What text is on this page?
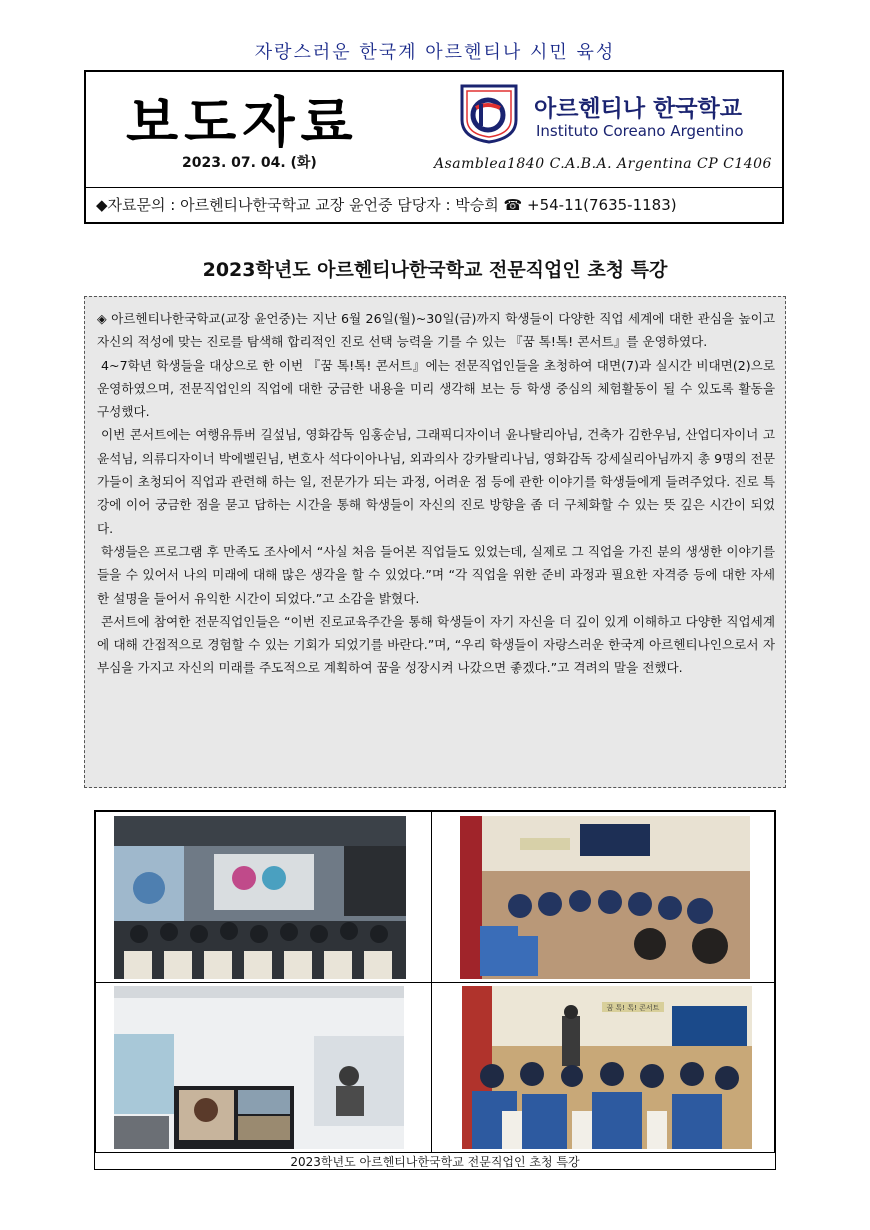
자랑스러운 한국계 아르헨티나 시민 육성
보도자료
2023. 07. 04. (화)
아르헨티나 한국학교
Instituto Coreano Argentino
Asamblea1840 C.A.B.A. Argentina CP C1406
◆자료문의 : 아르헨티나한국학교 교장 윤언중 담당자 : 박승희 ☎ +54-11(7635-1183)
2023학년도 아르헨티나한국학교 전문직업인 초청 특강

◈ 아르헨티나한국학교(교장 윤언중)는 지난 6월 26일(월)~30일(금)까지 학생들이 다양한 직업 세계에 대한 관심을 높이고 자신의 적성에 맞는 진로를 탐색해 합리적인 진로 선택 능력을 기를 수 있는 『꿈 톡!톡! 콘서트』를 운영하였다.

4~7학년 학생들을 대상으로 한 이번 『꿈 톡!톡! 콘서트』에는 전문직업인들을 초청하여 대면(7)과 실시간 비대면(2)으로 운영하였으며, 전문직업인의 직업에 대한 궁금한 내용을 미리 생각해 보는 등 학생 중심의 체험활동이 될 수 있도록 활동을 구성했다.

이번 콘서트에는 여행유튜버 길섶님, 영화감독 임홍순님, 그래픽디자이너 윤나탈리아님, 건축가 김한우님, 산업디자이너 고윤석님, 의류디자이너 박에벨린님, 변호사 석다이아나님, 외과의사 강카탈리나님, 영화감독 강세실리아님까지 총 9명의 전문가들이 초청되어 직업과 관련해 하는 일, 전문가가 되는 과정, 어려운 점 등에 관한 이야기를 학생들에게 들려주었다. 진로 특강에 이어 궁금한 점을 묻고 답하는 시간을 통해 학생들이 자신의 진로 방향을 좀 더 구체화할 수 있는 뜻 깊은 시간이 되었다.

학생들은 프로그램 후 만족도 조사에서 “사실 처음 들어본 직업들도 있었는데, 실제로 그 직업을 가진 분의 생생한 이야기를 들을 수 있어서 나의 미래에 대해 많은 생각을 할 수 있었다.”며 “각 직업을 위한 준비 과정과 필요한 자격증 등에 대한 자세한 설명을 들어서 유익한 시간이 되었다.”고 소감을 밝혔다.

콘서트에 참여한 전문직업인들은 “이번 진로교육주간을 통해 학생들이 자기 자신을 더 깊이 있게 이해하고 다양한 직업세계에 대해 간접적으로 경험할 수 있는 기회가 되었기를 바란다.”며, “우리 학생들이 자랑스러운 한국계 아르헨티나인으로서 자부심을 가지고 자신의 미래를 주도적으로 계획하여 꿈을 성장시켜 나갔으면 좋겠다.”고 격려의 말을 전했다.

꿈 톡! 톡! 콘서트
2023학년도 아르헨티나한국학교 전문직업인 초청 특강
